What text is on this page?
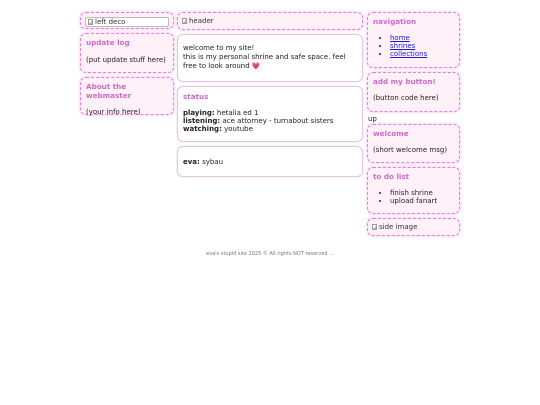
left deco

update log

(put update stuff here)

About the webmaster

(your info here)

header
welcome to my site!
this is my personal shrine and safe space. feel free to look around 💗

status

playing: hetalia ed 1
listening: ace attorney - turnabout sisters
watching: youtube
eva: sybau

navigation

• home
• shrines
• collections

add my button!

(button code here)

up

welcome

(short welcome msg)

to do list

• finish shrine
• upload fanart
side image
eva's stupid site 2025 © All rights NOT reserved ...
